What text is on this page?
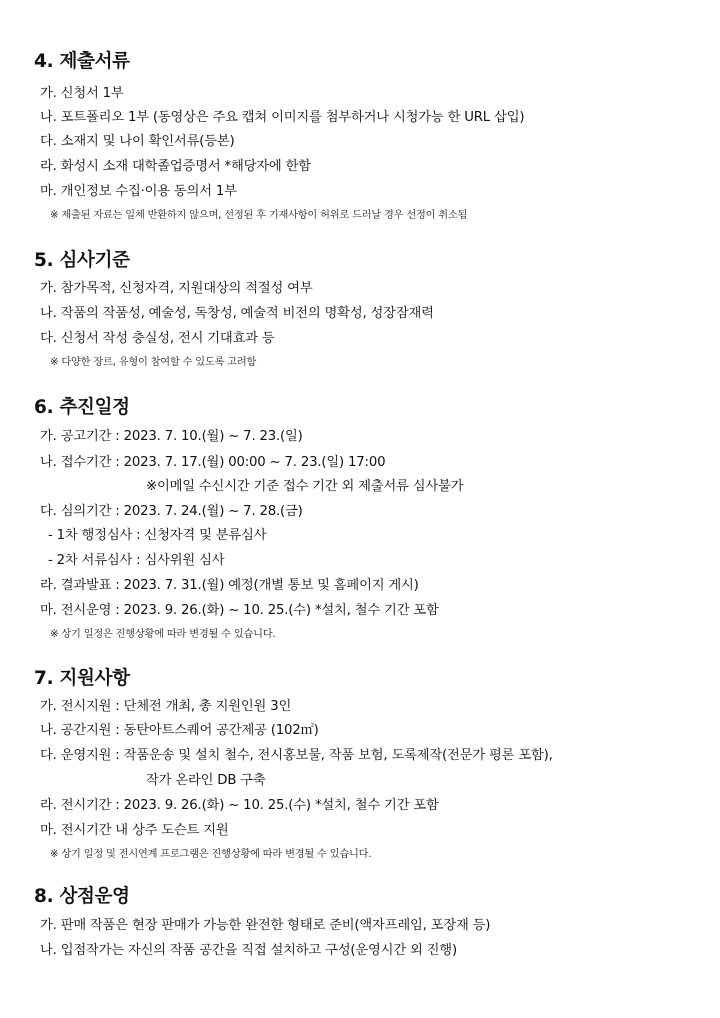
4. 제출서류
가. 신청서 1부
나. 포트폴리오 1부 (동영상은 주요 캡쳐 이미지를 첨부하거나 시청가능 한 URL 삽입)
다. 소재지 및 나이 확인서류(등본)
라. 화성시 소재 대학졸업증명서 *해당자에 한함
마. 개인정보 수집·이용 동의서 1부
※ 제출된 자료는 일체 반환하지 않으며, 선정된 후 기재사항이 허위로 드러날 경우 선정이 취소됨
5. 심사기준
가. 참가목적, 신청자격, 지원대상의 적절성 여부
나. 작품의 작품성, 예술성, 독창성, 예술적 비전의 명확성, 성장잠재력
다. 신청서 작성 충실성, 전시 기대효과 등
※ 다양한 장르, 유형이 참여할 수 있도록 고려함
6. 추진일정
가. 공고기간 : 2023. 7. 10.(월) ~ 7. 23.(일)
나. 접수기간 : 2023. 7. 17.(월) 00:00 ~ 7. 23.(일) 17:00
※이메일 수신시간 기준 접수 기간 외 제출서류 심사불가
다. 심의기간 : 2023. 7. 24.(월) ~ 7. 28.(금)
- 1차 행정심사 : 신청자격 및 분류심사
- 2차 서류심사 : 심사위원 심사
라. 결과발표 : 2023. 7. 31.(월) 예정(개별 통보 및 홈페이지 게시)
마. 전시운영 : 2023. 9. 26.(화) ~ 10. 25.(수) *설치, 철수 기간 포함
※ 상기 일정은 진행상황에 따라 변경될 수 있습니다.
7. 지원사항
가. 전시지원 : 단체전 개최, 총 지원인원 3인
나. 공간지원 : 동탄아트스퀘어 공간제공 (102㎡)
다. 운영지원 : 작품운송 및 설치 철수, 전시홍보물, 작품 보험, 도록제작(전문가 평론 포함),
작가 온라인 DB 구축
라. 전시기간 : 2023. 9. 26.(화) ~ 10. 25.(수) *설치, 철수 기간 포함
마. 전시기간 내 상주 도슨트 지원
※ 상기 일정 및 전시연계 프로그램은 진행상황에 따라 변경될 수 있습니다.
8. 상점운영
가. 판매 작품은 현장 판매가 가능한 완전한 형태로 준비(액자프레임, 포장재 등)
나. 입점작가는 자신의 작품 공간을 직접 설치하고 구성(운영시간 외 진행)
